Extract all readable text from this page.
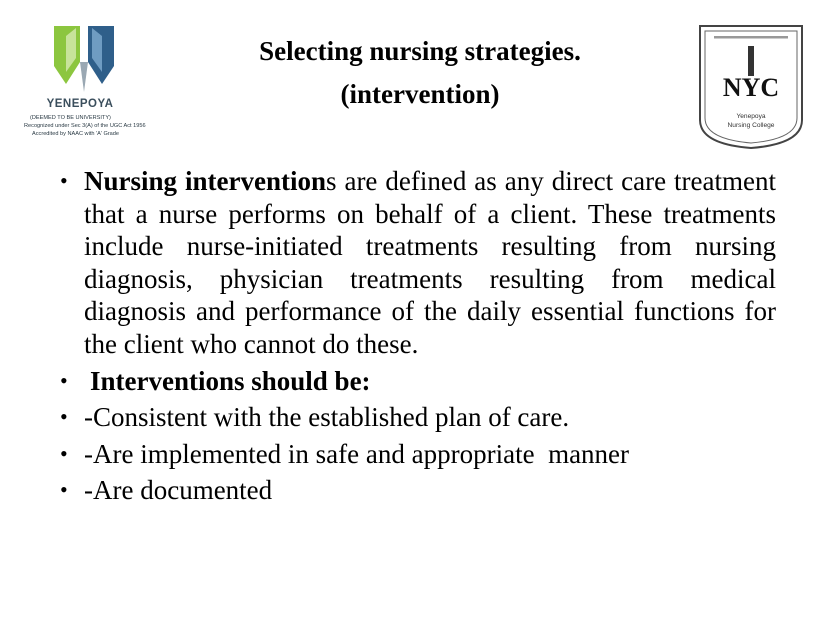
YENEPOYA
(DEEMED TO BE UNIVERSITY)
Recognized under Sec 3(A) of the UGC Act 1956
Accredited by NAAC with 'A' Grade
Selecting nursing strategies.
(intervention)	NYC
Yenepoya
Nursing College
• Nursing interventions are defined as any direct care treatment that a nurse performs on behalf of a client. These treatments include nurse-initiated treatments resulting from nursing diagnosis, physician treatments resulting from medical diagnosis and performance of the daily essential functions for the client who cannot do these.
• Interventions should be:
• -Consistent with the established plan of care.
• -Are implemented in safe and appropriate  manner
• -Are documented
